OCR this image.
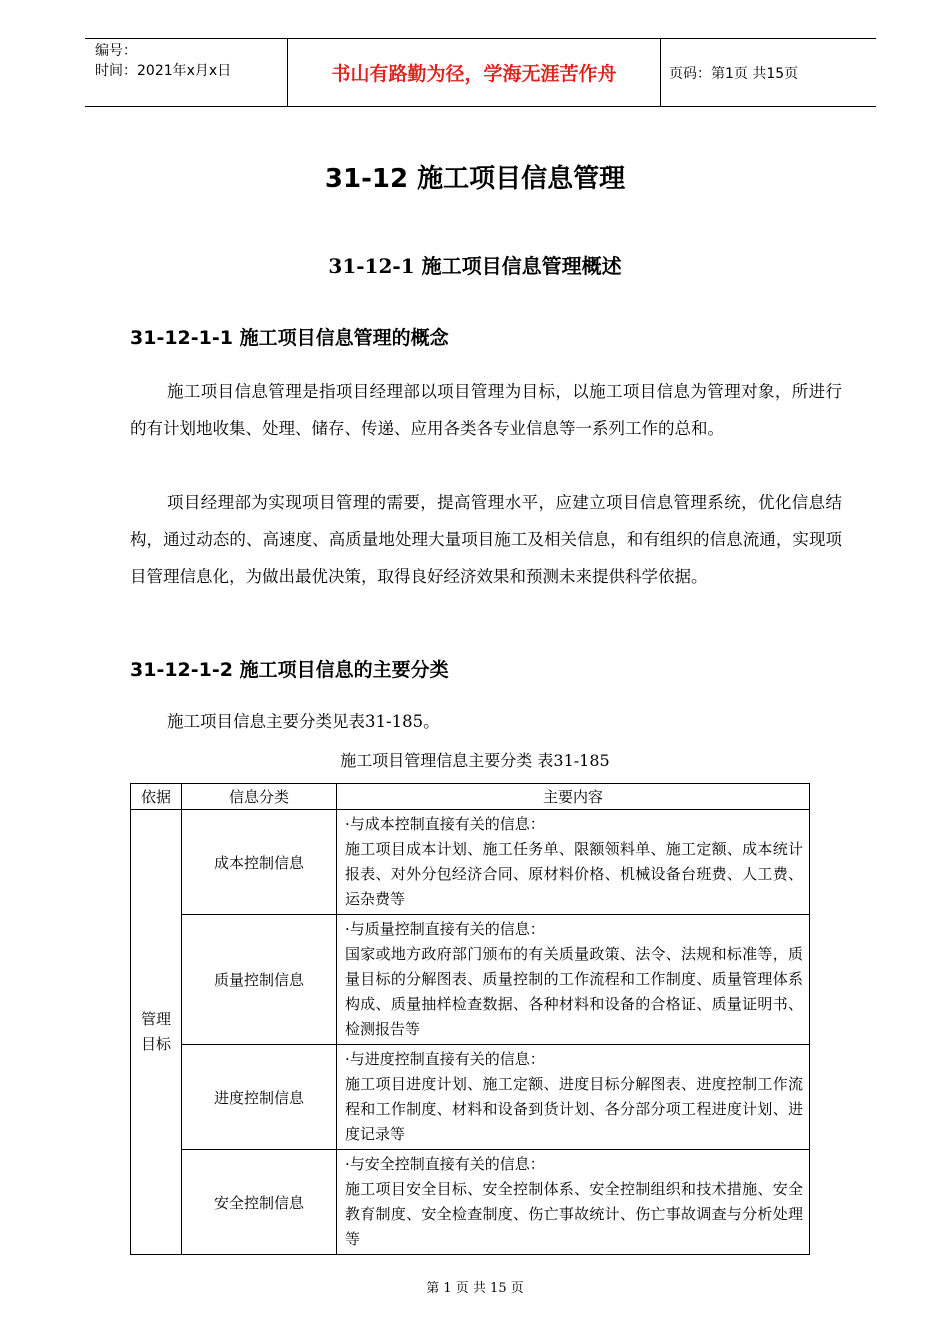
编号：
时间：2021年x月x日	书山有路勤为径，学海无涯苦作舟	页码：第1页 共15页
31-12 施工项目信息管理
31-12-1 施工项目信息管理概述
31-12-1-1 施工项目信息管理的概念
施工项目信息管理是指项目经理部以项目管理为目标，以施工项目信息为管理对象，所进行的有计划地收集、处理、储存、传递、应用各类各专业信息等一系列工作的总和。
项目经理部为实现项目管理的需要，提高管理水平，应建立项目信息管理系统，优化信息结构，通过动态的、高速度、高质量地处理大量项目施工及相关信息，和有组织的信息流通，实现项目管理信息化，为做出最优决策，取得良好经济效果和预测未来提供科学依据。
31-12-1-2 施工项目信息的主要分类
施工项目信息主要分类见表31-185。
施工项目管理信息主要分类 表31-185
依据	信息分类	主要内容

管理目标	成本控制信息	·与成本控制直接有关的信息：
施工项目成本计划、施工任务单、限额领料单、施工定额、成本统计报表、对外分包经济合同、原材料价格、机械设备台班费、人工费、运杂费等

	质量控制信息	·与质量控制直接有关的信息：
国家或地方政府部门颁布的有关质量政策、法令、法规和标准等，质量目标的分解图表、质量控制的工作流程和工作制度、质量管理体系构成、质量抽样检查数据、各种材料和设备的合格证、质量证明书、检测报告等

	进度控制信息	·与进度控制直接有关的信息：
施工项目进度计划、施工定额、进度目标分解图表、进度控制工作流程和工作制度、材料和设备到货计划、各分部分项工程进度计划、进度记录等

	安全控制信息	·与安全控制直接有关的信息：
施工项目安全目标、安全控制体系、安全控制组织和技术措施、安全教育制度、安全检查制度、伤亡事故统计、伤亡事故调查与分析处理等
第 1 页 共 15 页
